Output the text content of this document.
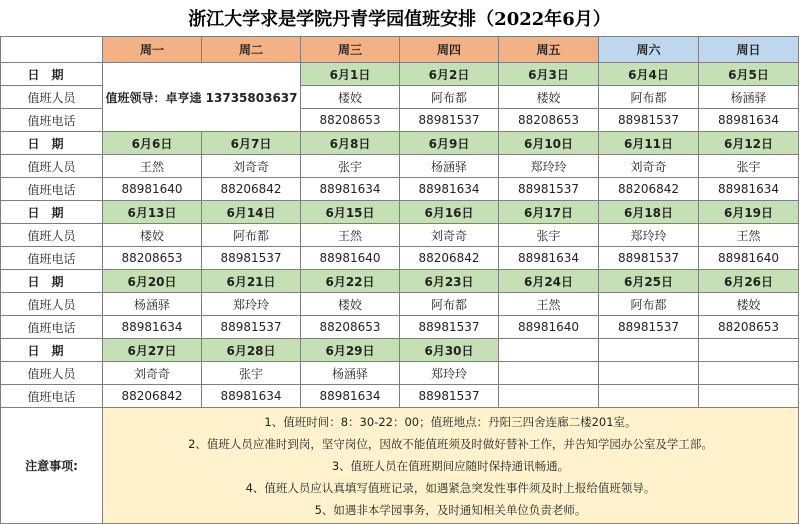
浙江大学求是学院丹青学园值班安排（2022年6月）
	周一	周二	周三	周四	周五	周六	周日
日期	值班领导：卓亨逵 13735803637		6月1日	6月2日	6月3日	6月4日	6月5日
值班人员			楼姣	阿布都	楼姣	阿布都	杨涵驿
值班电话			88208653	88981537	88208653	88981537	88981634
日期	6月6日	6月7日	6月8日	6月9日	6月10日	6月11日	6月12日
值班人员	王然	刘奇奇	张宇	杨涵驿	郑玲玲	刘奇奇	张宇
值班电话	88981640	88206842	88981634	88981634	88981537	88206842	88981634
日期	6月13日	6月14日	6月15日	6月16日	6月17日	6月18日	6月19日
值班人员	楼姣	阿布都	王然	刘奇奇	张宇	郑玲玲	王然
值班电话	88208653	88981537	88981640	88206842	88981634	88981537	88981640
日期	6月20日	6月21日	6月22日	6月23日	6月24日	6月25日	6月26日
值班人员	杨涵驿	郑玲玲	楼姣	阿布都	王然	阿布都	楼姣
值班电话	88981634	88981537	88208653	88981537	88981640	88981537	88208653
日期	6月27日	6月28日	6月29日	6月30日			
值班人员	刘奇奇	张宇	杨涵驿	郑玲玲			
值班电话	88206842	88981634	88981634	88981537			
注意事项:	1、值班时间：8：30-22：00；值班地点：丹阳三四舍连廊二楼201室。
2、值班人员应准时到岗，坚守岗位，因故不能值班须及时做好替补工作，并告知学园办公室及学工部。
3、值班人员在值班期间应随时保持通讯畅通。
4、值班人员应认真填写值班记录，如遇紧急突发性事件须及时上报给值班领导。
5、如遇非本学园事务，及时通知相关单位负责老师。						
